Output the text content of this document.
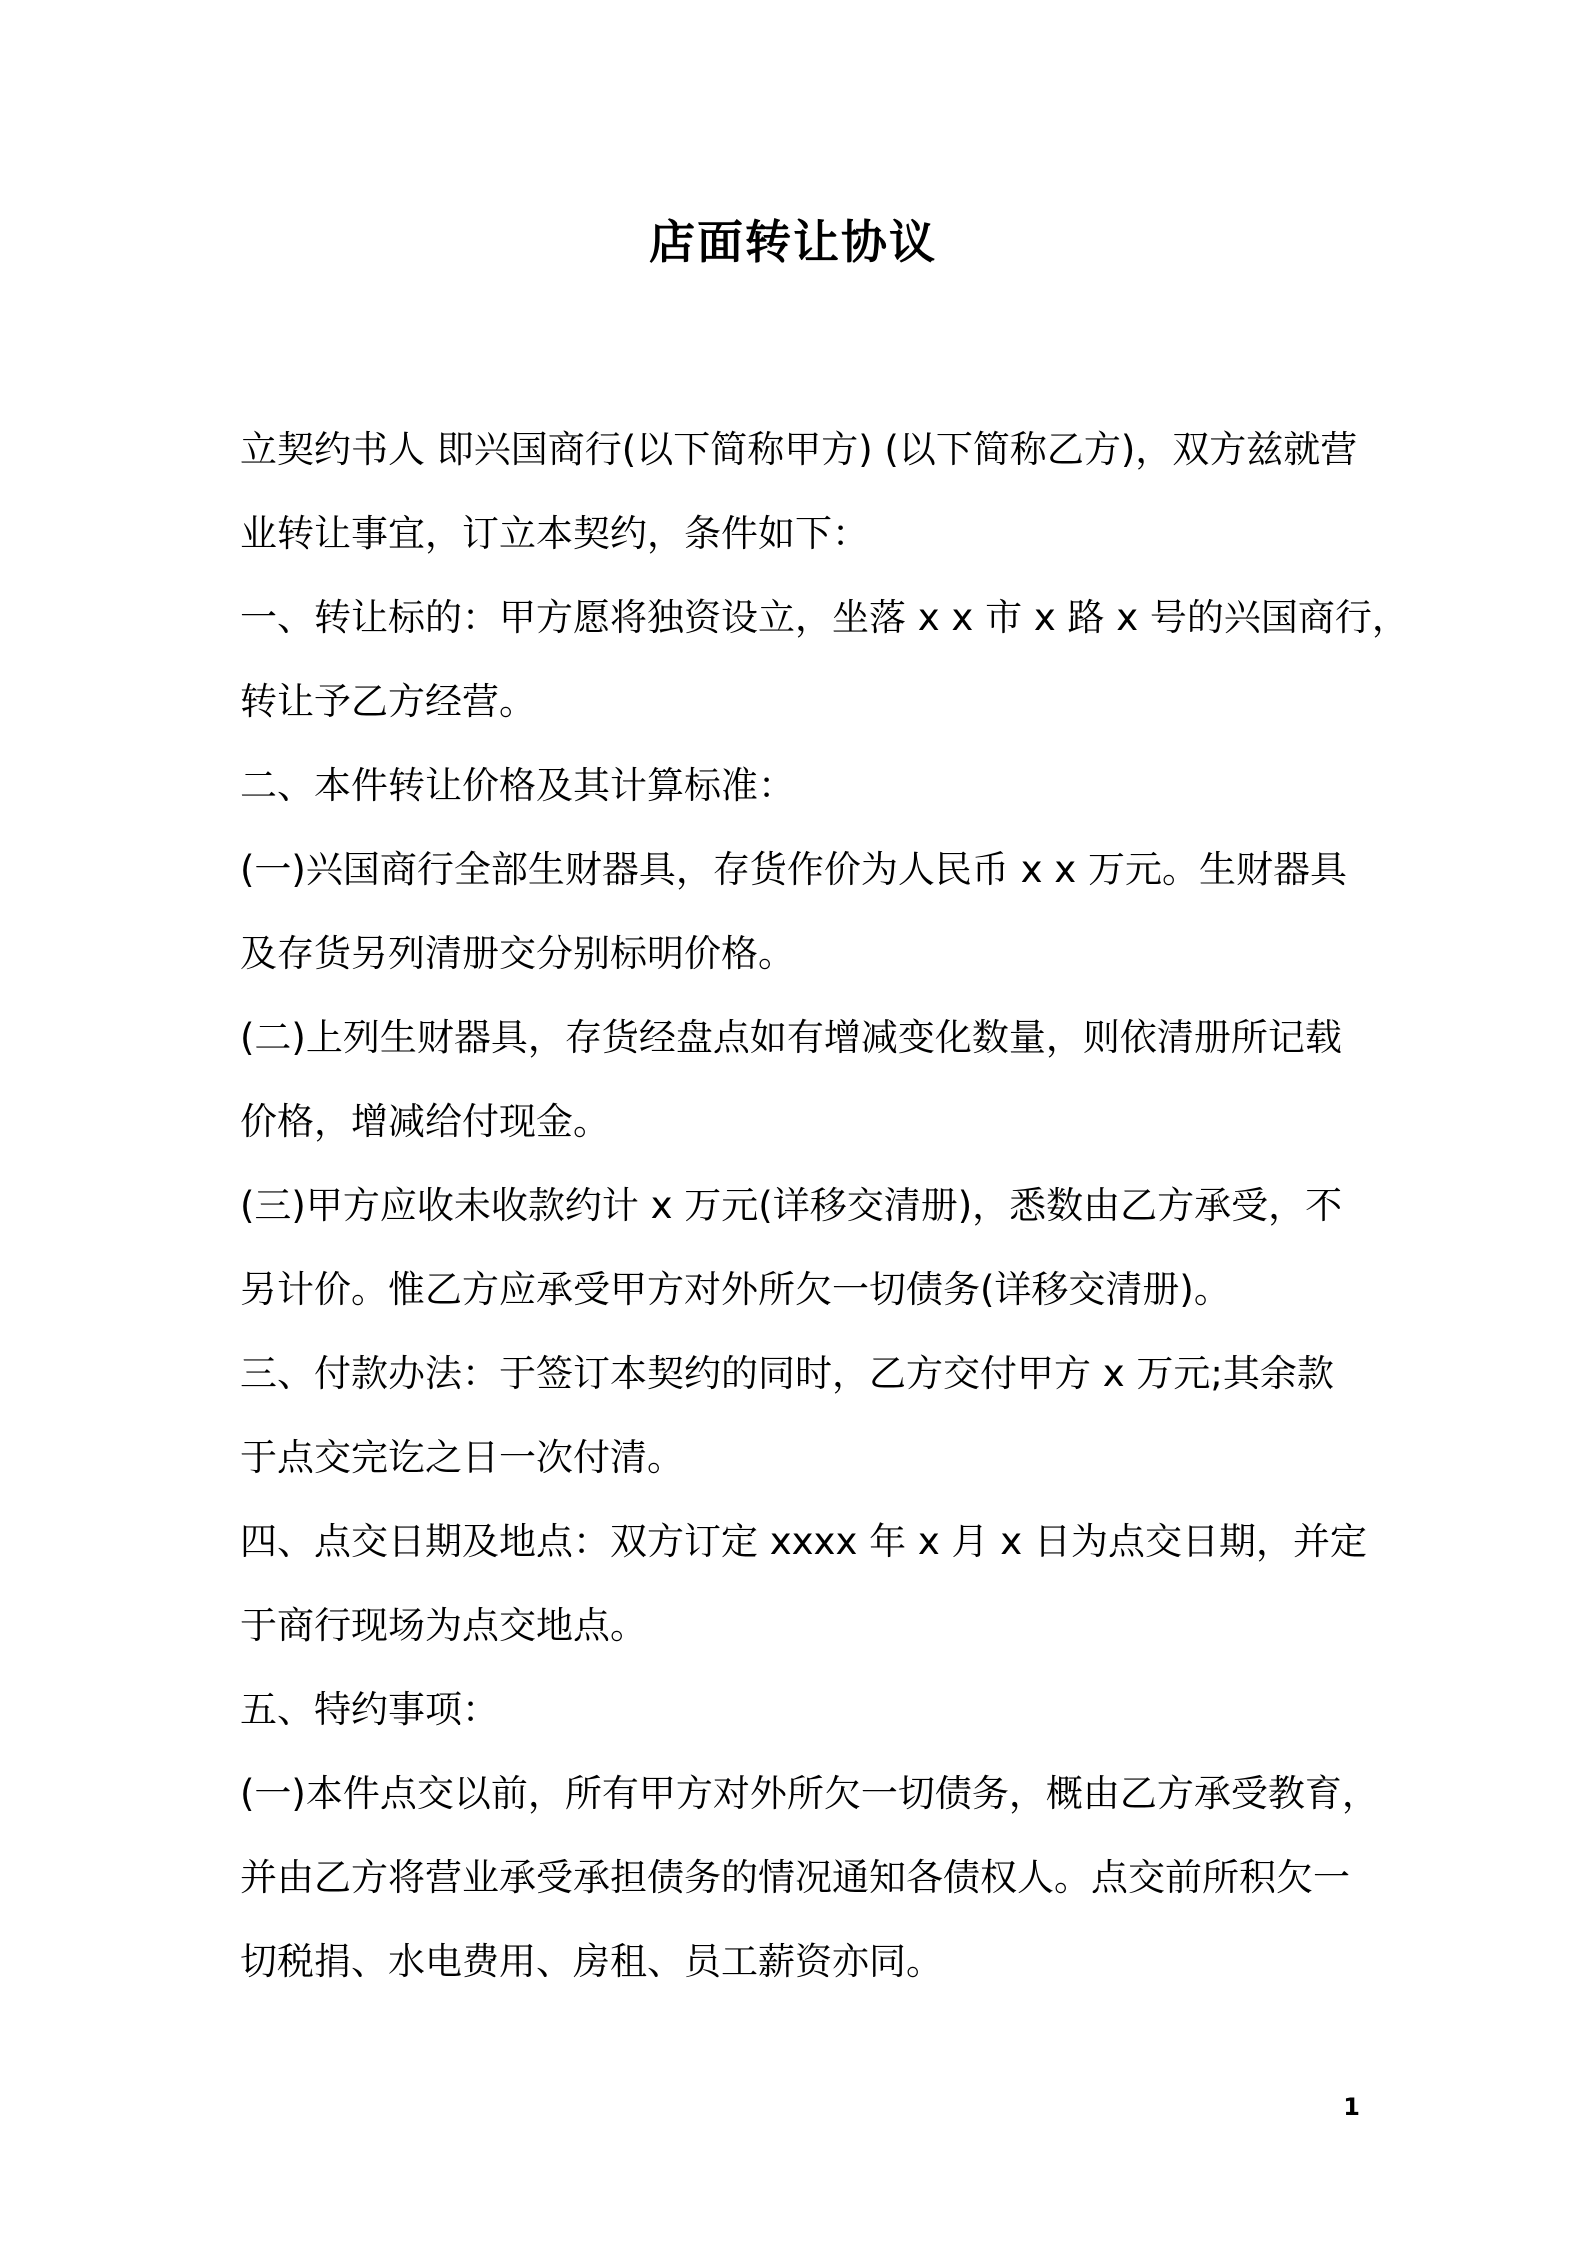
店面转让协议

立契约书人 即兴国商行(以下简称甲方) (以下简称乙方)，双方兹就营

业转让事宜，订立本契约，条件如下：

一、转让标的：甲方愿将独资设立，坐落 x x 市 x 路 x 号的兴国商行，

转让予乙方经营。

二、本件转让价格及其计算标准：

(一)兴国商行全部生财器具，存货作价为人民币 x x 万元。生财器具

及存货另列清册交分别标明价格。

(二)上列生财器具，存货经盘点如有增减变化数量，则依清册所记载

价格，增减给付现金。

(三)甲方应收未收款约计 x 万元(详移交清册)，悉数由乙方承受，不

另计价。惟乙方应承受甲方对外所欠一切债务(详移交清册)。

三、付款办法：于签订本契约的同时，乙方交付甲方 x 万元;其余款

于点交完讫之日一次付清。

四、点交日期及地点：双方订定 xxxx 年 x 月 x 日为点交日期，并定

于商行现场为点交地点。

五、特约事项：

(一)本件点交以前，所有甲方对外所欠一切债务，概由乙方承受教育，

并由乙方将营业承受承担债务的情况通知各债权人。点交前所积欠一

切税捐、水电费用、房租、员工薪资亦同。

1
